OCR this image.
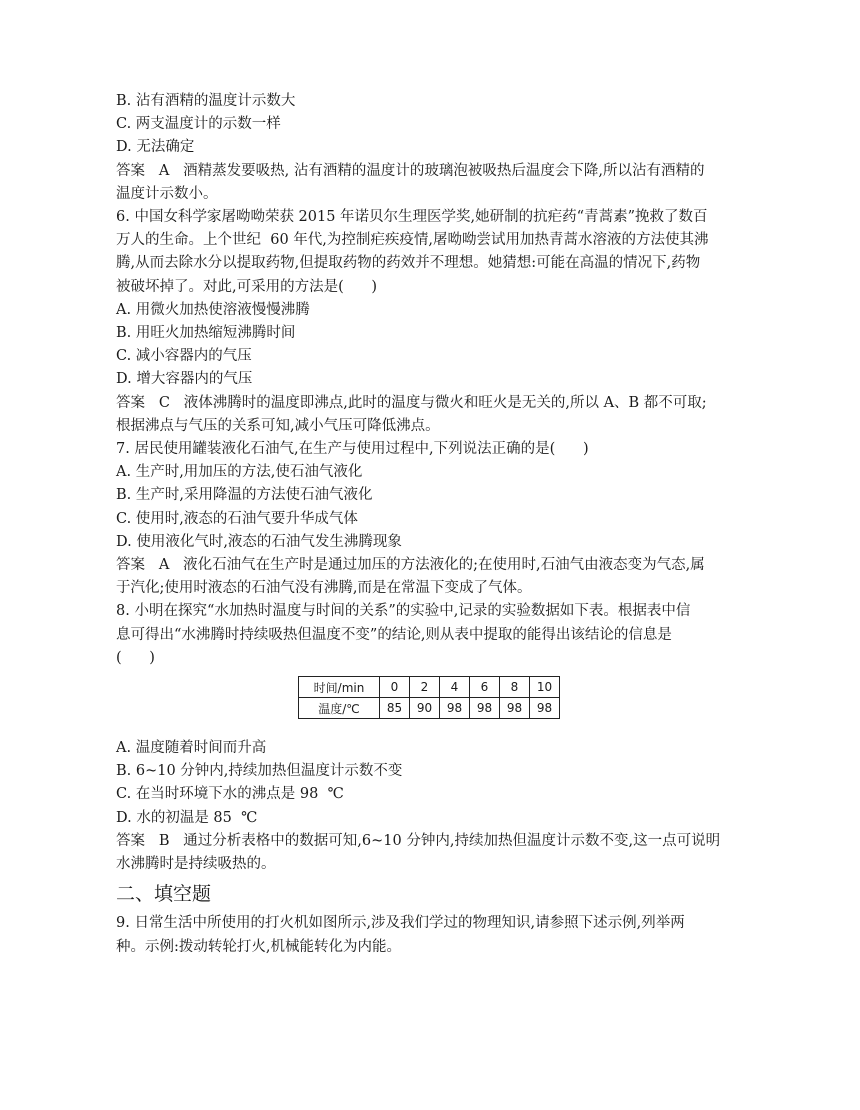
B. 沾有酒精的温度计示数大
C. 两支温度计的示数一样
D. 无法确定
答案   A   酒精蒸发要吸热, 沾有酒精的温度计的玻璃泡被吸热后温度会下降,所以沾有酒精的
温度计示数小。
6. 中国女科学家屠呦呦荣获 2015 年诺贝尔生理医学奖,她研制的抗疟药“青蒿素”挽救了数百
万人的生命。上个世纪  60 年代,为控制疟疾疫情,屠呦呦尝试用加热青蒿水溶液的方法使其沸
腾,从而去除水分以提取药物,但提取药物的药效并不理想。她猜想:可能在高温的情况下,药物
被破坏掉了。对此,可采用的方法是(      )
A. 用微火加热使溶液慢慢沸腾
B. 用旺火加热缩短沸腾时间
C. 减小容器内的气压
D. 增大容器内的气压
答案   C   液体沸腾时的温度即沸点,此时的温度与微火和旺火是无关的,所以 A、B 都不可取;
根据沸点与气压的关系可知,减小气压可降低沸点。
7. 居民使用罐装液化石油气,在生产与使用过程中,下列说法正确的是(      )
A. 生产时,用加压的方法,使石油气液化
B. 生产时,采用降温的方法使石油气液化
C. 使用时,液态的石油气要升华成气体
D. 使用液化气时,液态的石油气发生沸腾现象
答案   A   液化石油气在生产时是通过加压的方法液化的;在使用时,石油气由液态变为气态,属
于汽化;使用时液态的石油气没有沸腾,而是在常温下变成了气体。
8. 小明在探究“水加热时温度与时间的关系”的实验中,记录的实验数据如下表。根据表中信
息可得出“水沸腾时持续吸热但温度不变”的结论,则从表中提取的能得出该结论的信息是
(      )
时间/min	0	2	4	6	8	10
温度/℃	85	90	98	98	98	98
A. 温度随着时间而升高
B. 6~10 分钟内,持续加热但温度计示数不变
C. 在当时环境下水的沸点是 98  ℃
D. 水的初温是 85  ℃
答案   B   通过分析表格中的数据可知,6~10 分钟内,持续加热但温度计示数不变,这一点可说明
水沸腾时是持续吸热的。
二、填空题
9. 日常生活中所使用的打火机如图所示,涉及我们学过的物理知识,请参照下述示例,列举两
种。示例:拨动转轮打火,机械能转化为内能。
